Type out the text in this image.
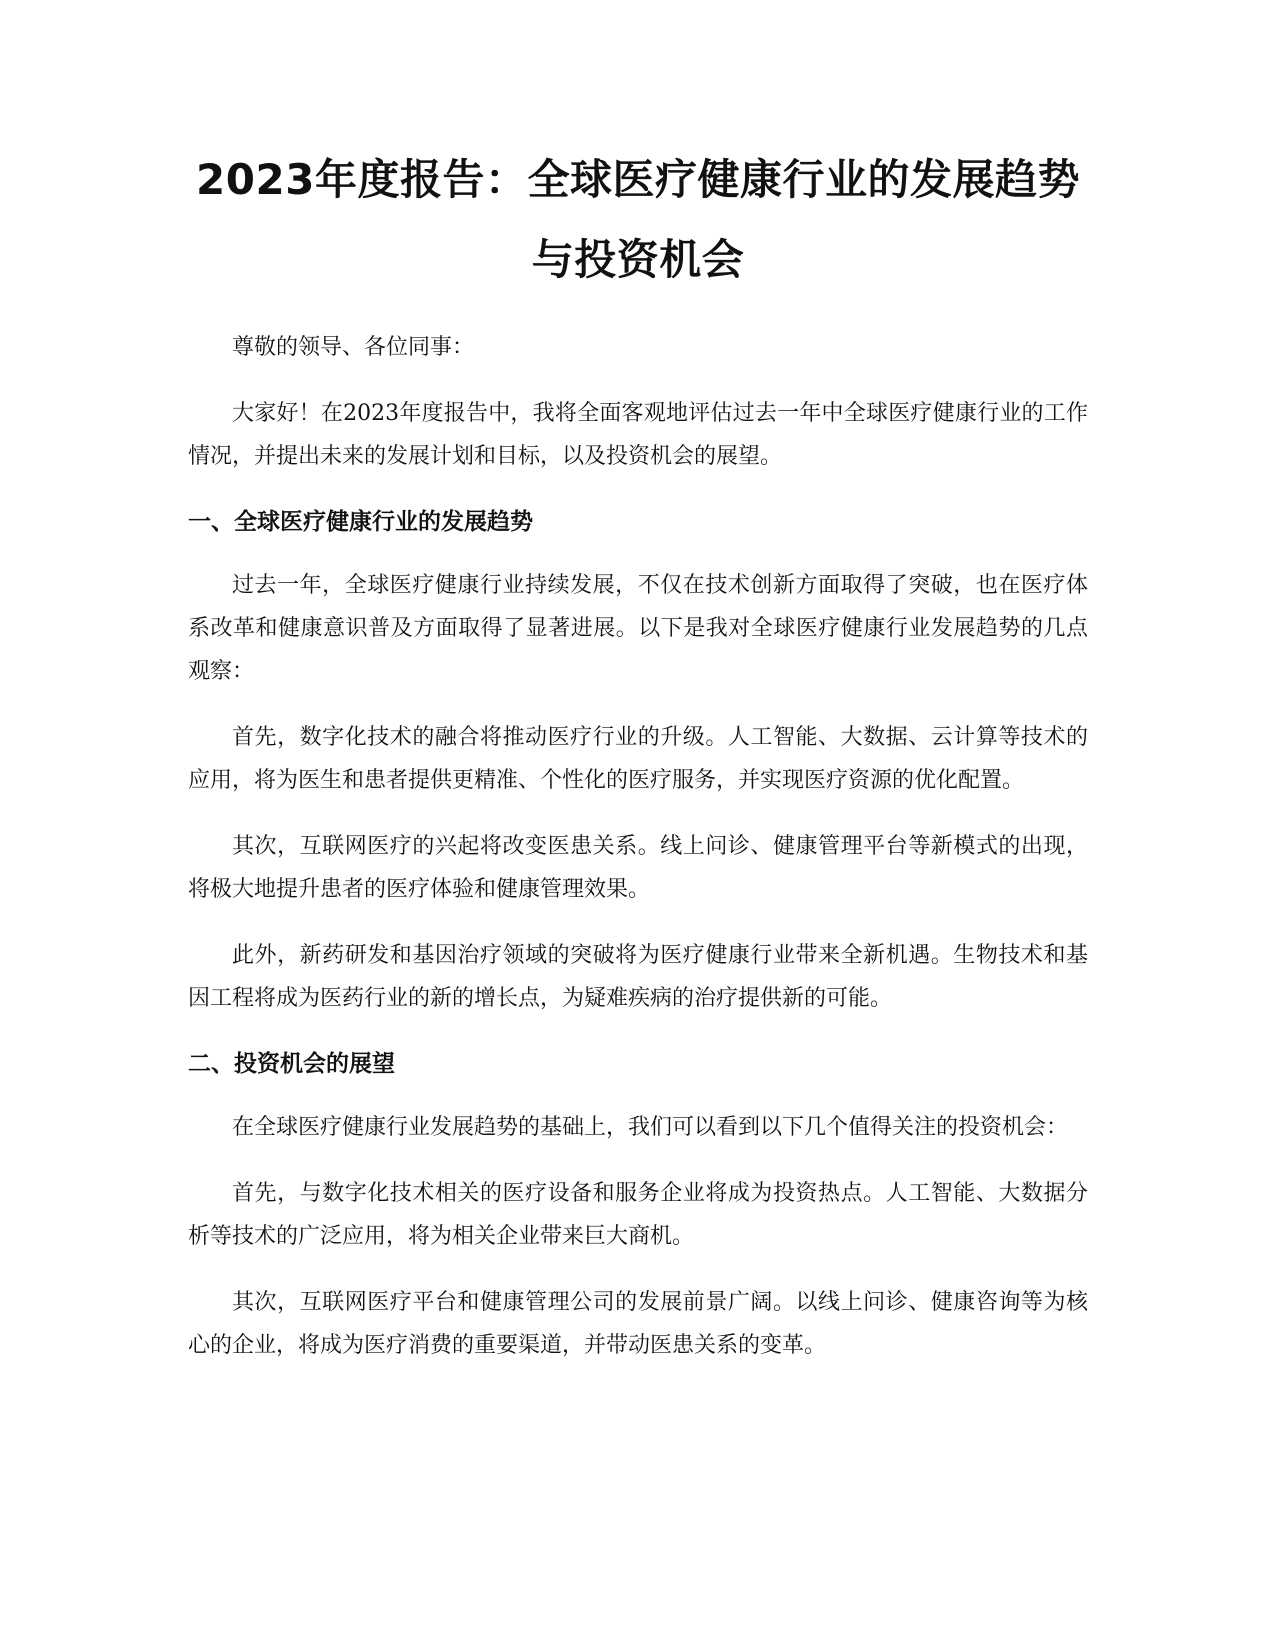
2023年度报告：全球医疗健康行业的发展趋势与投资机会

尊敬的领导、各位同事：

大家好！在2023年度报告中，我将全面客观地评估过去一年中全球医疗健康行业的工作情况，并提出未来的发展计划和目标，以及投资机会的展望。

一、全球医疗健康行业的发展趋势

过去一年，全球医疗健康行业持续发展，不仅在技术创新方面取得了突破，也在医疗体系改革和健康意识普及方面取得了显著进展。以下是我对全球医疗健康行业发展趋势的几点观察：

首先，数字化技术的融合将推动医疗行业的升级。人工智能、大数据、云计算等技术的应用，将为医生和患者提供更精准、个性化的医疗服务，并实现医疗资源的优化配置。

其次，互联网医疗的兴起将改变医患关系。线上问诊、健康管理平台等新模式的出现，将极大地提升患者的医疗体验和健康管理效果。

此外，新药研发和基因治疗领域的突破将为医疗健康行业带来全新机遇。生物技术和基因工程将成为医药行业的新的增长点，为疑难疾病的治疗提供新的可能。

二、投资机会的展望

在全球医疗健康行业发展趋势的基础上，我们可以看到以下几个值得关注的投资机会：

首先，与数字化技术相关的医疗设备和服务企业将成为投资热点。人工智能、大数据分析等技术的广泛应用，将为相关企业带来巨大商机。

其次，互联网医疗平台和健康管理公司的发展前景广阔。以线上问诊、健康咨询等为核心的企业，将成为医疗消费的重要渠道，并带动医患关系的变革。
